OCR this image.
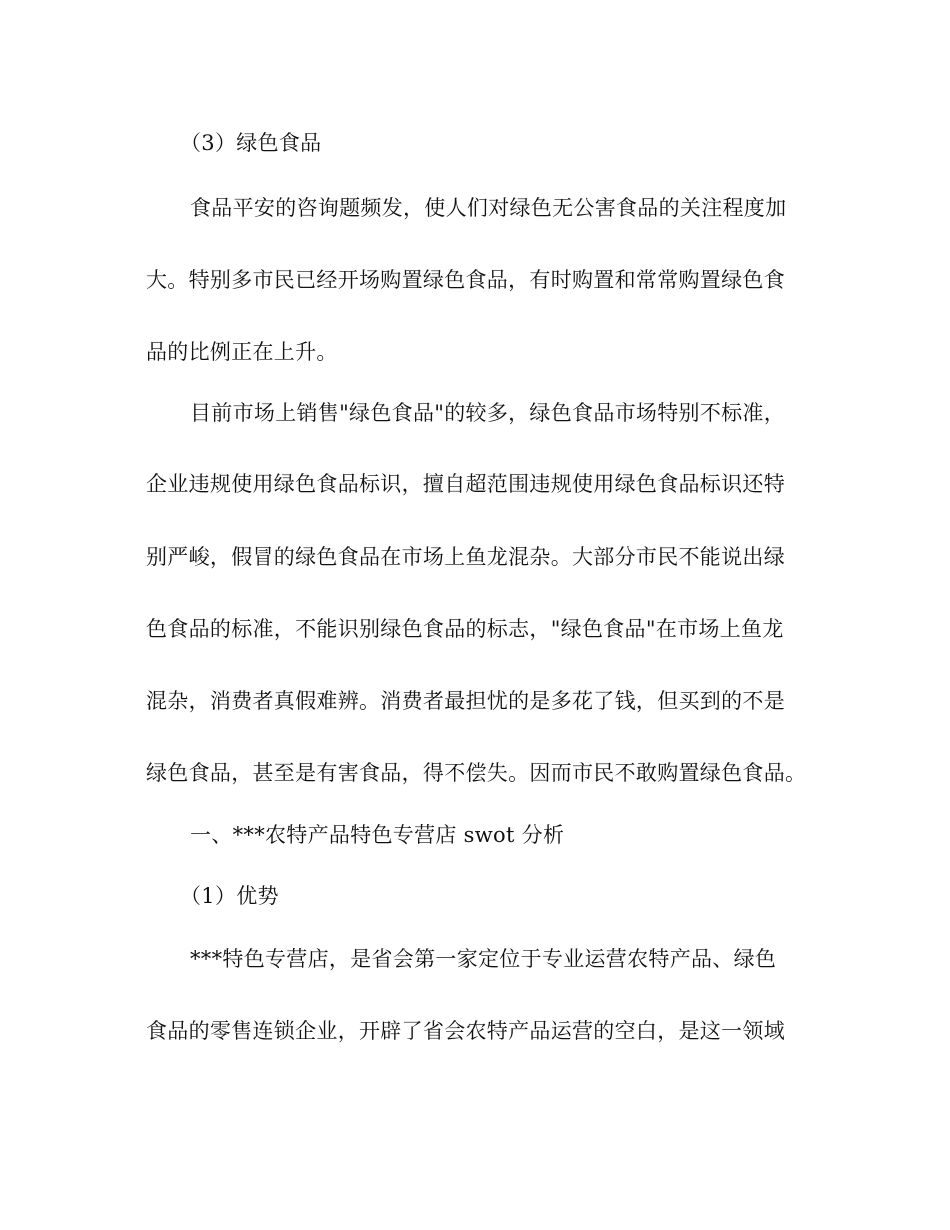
（3）绿色食品
食品平安的咨询题频发，使人们对绿色无公害食品的关注程度加
大。特别多市民已经开场购置绿色食品，有时购置和常常购置绿色食
品的比例正在上升。
目前市场上销售"绿色食品"的较多，绿色食品市场特别不标准，
企业违规使用绿色食品标识，擅自超范围违规使用绿色食品标识还特
别严峻，假冒的绿色食品在市场上鱼龙混杂。大部分市民不能说出绿
色食品的标准，不能识别绿色食品的标志，"绿色食品"在市场上鱼龙
混杂，消费者真假难辨。消费者最担忧的是多花了钱，但买到的不是
绿色食品，甚至是有害食品，得不偿失。因而市民不敢购置绿色食品。
一、***农特产品特色专营店 swot 分析
（1）优势
***特色专营店，是省会第一家定位于专业运营农特产品、绿色
食品的零售连锁企业，开辟了省会农特产品运营的空白，是这一领域
